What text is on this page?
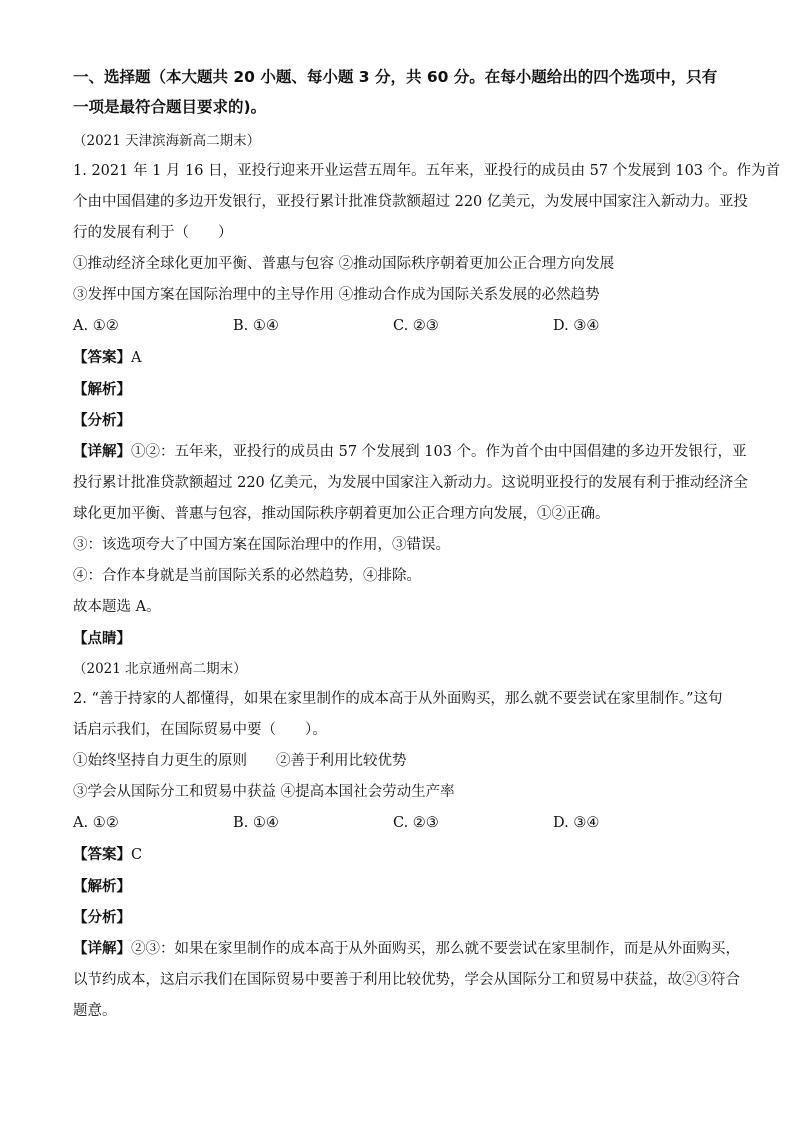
一、选择题（本大题共 20 小题、每小题 3 分，共 60 分。在每小题给出的四个选项中，只有
一项是最符合题目要求的)。
（2021 天津滨海新高二期末）
1. 2021 年 1 月 16 日，亚投行迎来开业运营五周年。五年来，亚投行的成员由 57 个发展到 103 个。作为首
个由中国倡建的多边开发银行，亚投行累计批准贷款额超过 220 亿美元，为发展中国家注入新动力。亚投
行的发展有利于（　　）
①推动经济全球化更加平衡、普惠与包容 ②推动国际秩序朝着更加公正合理方向发展
③发挥中国方案在国际治理中的主导作用 ④推动合作成为国际关系发展的必然趋势
A. ①②	B. ①④	C. ②③	D. ③④
【答案】A
【解析】
【分析】
【详解】①②：五年来，亚投行的成员由 57 个发展到 103 个。作为首个由中国倡建的多边开发银行，亚
投行累计批准贷款额超过 220 亿美元，为发展中国家注入新动力。这说明亚投行的发展有利于推动经济全
球化更加平衡、普惠与包容，推动国际秩序朝着更加公正合理方向发展，①②正确。
③：该选项夸大了中国方案在国际治理中的作用，③错误。
④：合作本身就是当前国际关系的必然趋势，④排除。
故本题选 A。
【点睛】
（2021 北京通州高二期末）
2. “善于持家的人都懂得，如果在家里制作的成本高于从外面购买，那么就不要尝试在家里制作。”这句
话启示我们，在国际贸易中要（　　）。
①始终坚持自力更生的原则　　②善于利用比较优势
③学会从国际分工和贸易中获益 ④提高本国社会劳动生产率
A. ①②	B. ①④	C. ②③	D. ③④
【答案】C
【解析】
【分析】
【详解】②③：如果在家里制作的成本高于从外面购买，那么就不要尝试在家里制作，而是从外面购买，
以节约成本，这启示我们在国际贸易中要善于利用比较优势，学会从国际分工和贸易中获益，故②③符合
题意。
